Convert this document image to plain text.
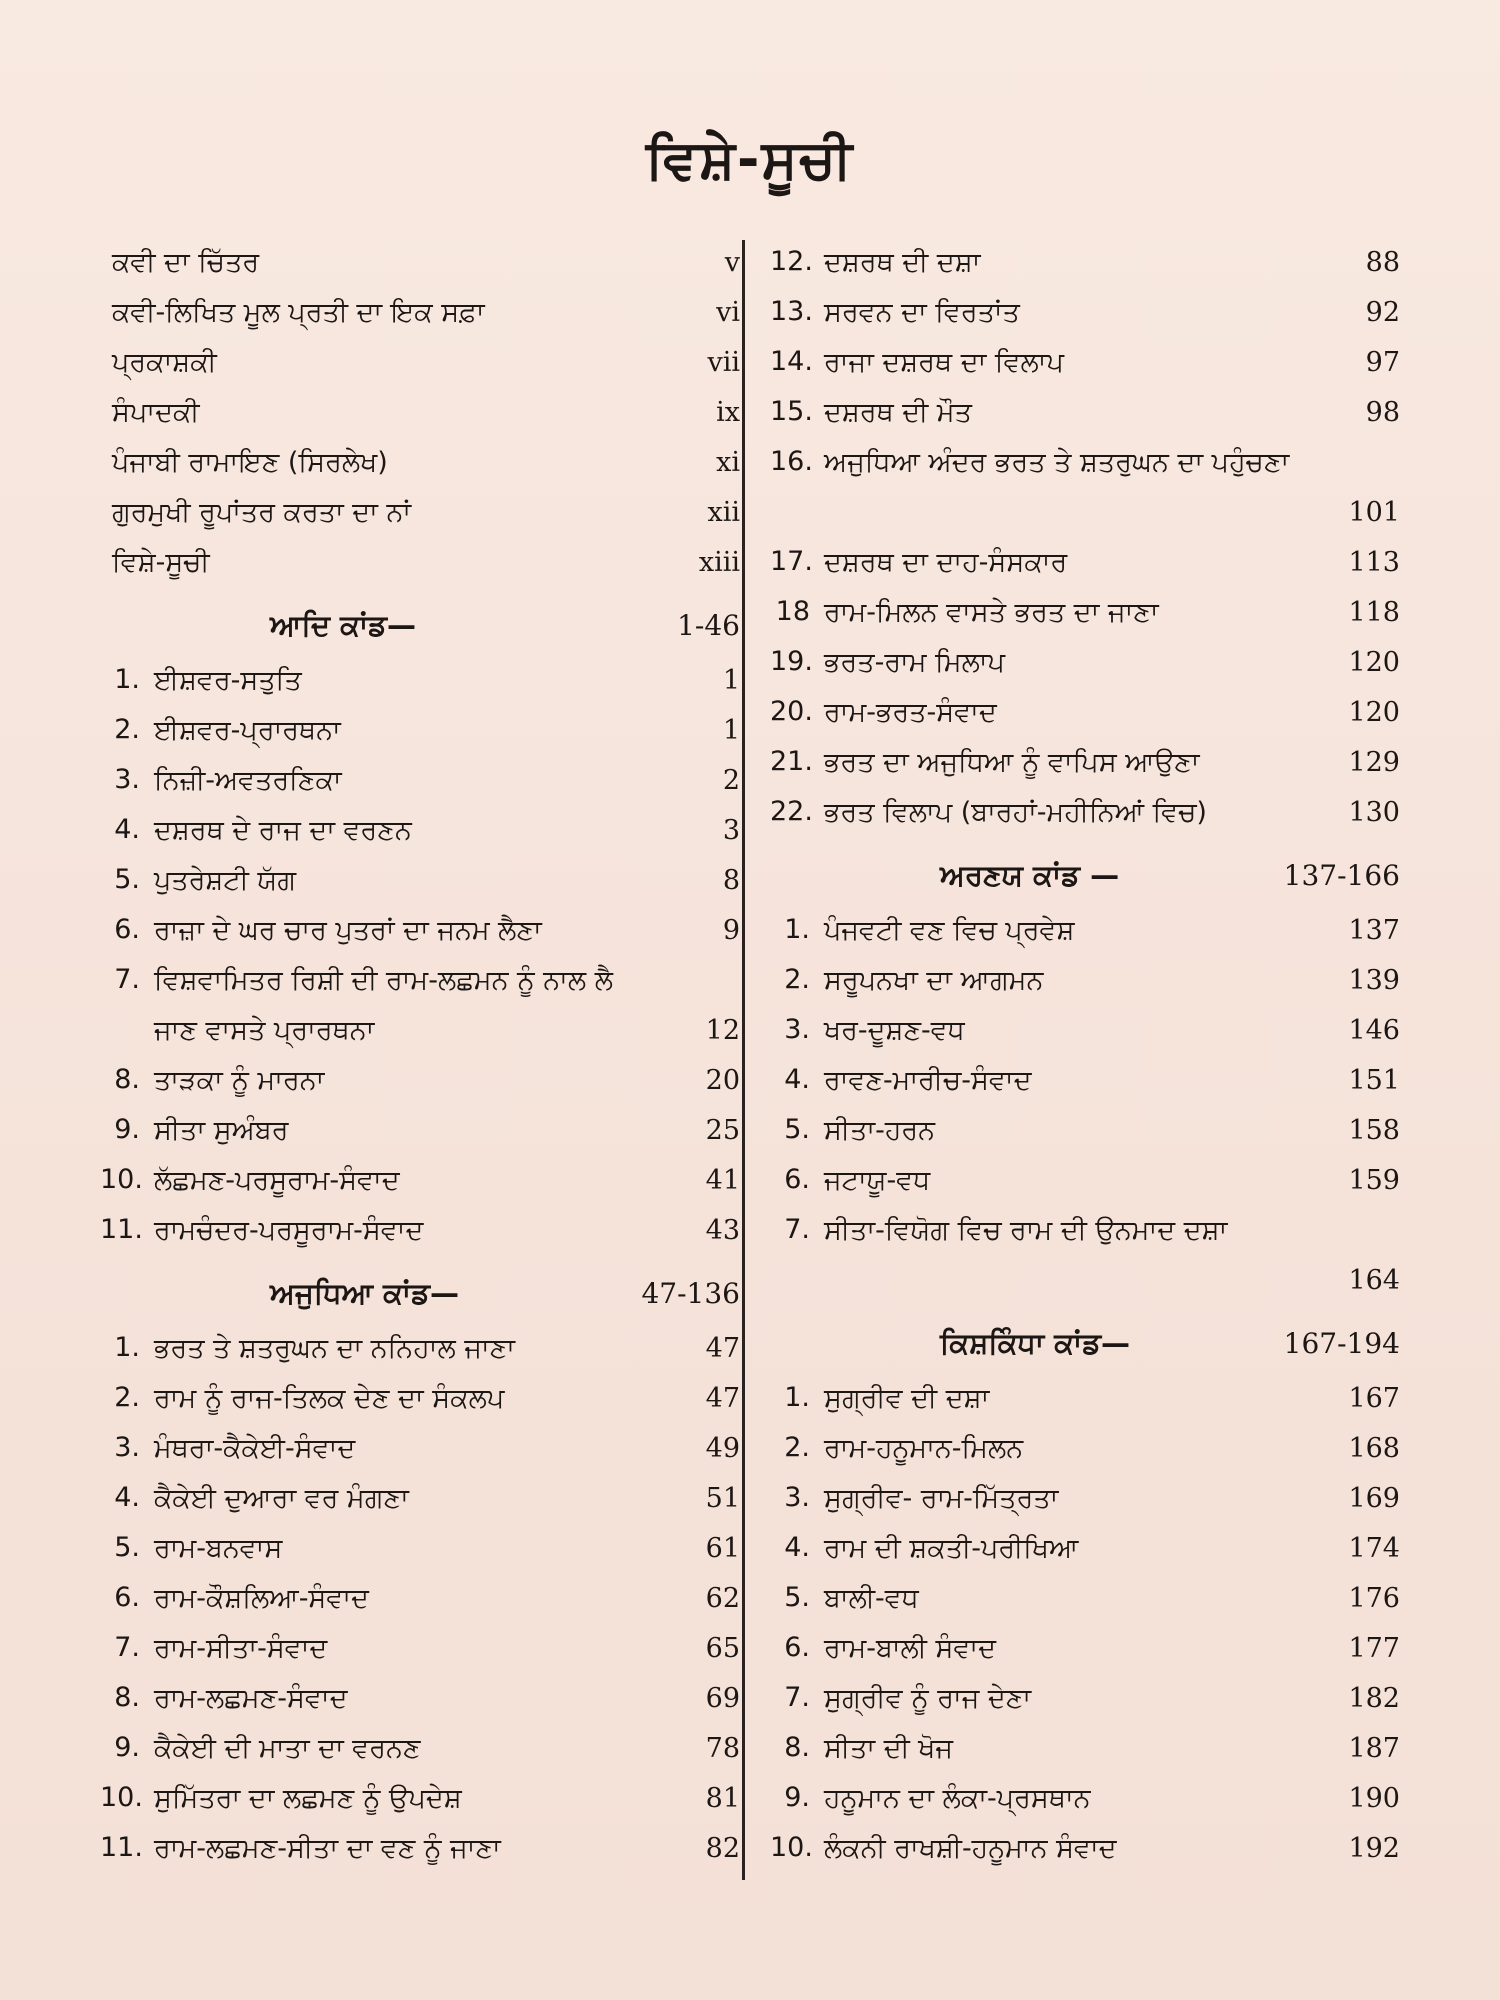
ਵਿਸ਼ੇ-ਸੂਚੀ
ਕਵੀ ਦਾ ਚਿੱਤਰ	v
ਕਵੀ-ਲਿਖਿਤ ਮੂਲ ਪ੍ਰਤੀ ਦਾ ਇਕ ਸਫ਼ਾ	vi
ਪ੍ਰਕਾਸ਼ਕੀ	vii
ਸੰਪਾਦਕੀ	ix
ਪੰਜਾਬੀ ਰਾਮਾਇਣ (ਸਿਰਲੇਖ)	xi
ਗੁਰਮੁਖੀ ਰੂਪਾਂਤਰ ਕਰਤਾ ਦਾ ਨਾਂ	xii
ਵਿਸ਼ੇ-ਸੂਚੀ	xiii
ਆਦਿ ਕਾਂਡ—	1-46
1. ਈਸ਼ਵਰ-ਸਤੁਤਿ	1
2. ਈਸ਼ਵਰ-ਪ੍ਰਾਰਥਨਾ	1
3. ਨਿਜ਼ੀ-ਅਵਤਰਣਿਕਾ	2
4. ਦਸ਼ਰਥ ਦੇ ਰਾਜ ਦਾ ਵਰਣਨ	3
5. ਪੁਤਰੇਸ਼ਟੀ ਯੱਗ	8
6. ਰਾਜ਼ਾ ਦੇ ਘਰ ਚਾਰ ਪੁਤਰਾਂ ਦਾ ਜਨਮ ਲੈਣਾ	9
7. ਵਿਸ਼ਵਾਮਿਤਰ ਰਿਸ਼ੀ ਦੀ ਰਾਮ-ਲਛਮਨ ਨੂੰ ਨਾਲ ਲੈ ਜਾਣ ਵਾਸਤੇ ਪ੍ਰਾਰਥਨਾ	12
8. ਤਾੜਕਾ ਨੂੰ ਮਾਰਨਾ	20
9. ਸੀਤਾ ਸੁਅੰਬਰ	25
10. ਲੱਛਮਣ-ਪਰਸੂਰਾਮ-ਸੰਵਾਦ	41
11. ਰਾਮਚੰਦਰ-ਪਰਸੂਰਾਮ-ਸੰਵਾਦ	43
ਅਜੁਧਿਆ ਕਾਂਡ—	47-136
1. ਭਰਤ ਤੇ ਸ਼ਤਰੁਘਨ ਦਾ ਨਨਿਹਾਲ ਜਾਣਾ	47
2. ਰਾਮ ਨੂੰ ਰਾਜ-ਤਿਲਕ ਦੇਣ ਦਾ ਸੰਕਲਪ	47
3. ਮੰਥਰਾ-ਕੈਕੇਈ-ਸੰਵਾਦ	49
4. ਕੈਕੇਈ ਦੁਆਰਾ ਵਰ ਮੰਗਣਾ	51
5. ਰਾਮ-ਬਨਵਾਸ	61
6. ਰਾਮ-ਕੌਸ਼ਲਿਆ-ਸੰਵਾਦ	62
7. ਰਾਮ-ਸੀਤਾ-ਸੰਵਾਦ	65
8. ਰਾਮ-ਲਛਮਣ-ਸੰਵਾਦ	69
9. ਕੈਕੇਈ ਦੀ ਮਾਤਾ ਦਾ ਵਰਨਣ	78
10. ਸੁਮਿੱਤਰਾ ਦਾ ਲਛਮਣ ਨੂੰ ਉਪਦੇਸ਼	81
11. ਰਾਮ-ਲਛਮਣ-ਸੀਤਾ ਦਾ ਵਣ ਨੂੰ ਜਾਣਾ	82
12. ਦਸ਼ਰਥ ਦੀ ਦਸ਼ਾ	88
13. ਸਰਵਨ ਦਾ ਵਿਰਤਾਂਤ	92
14. ਰਾਜਾ ਦਸ਼ਰਥ ਦਾ ਵਿਲਾਪ	97
15. ਦਸ਼ਰਥ ਦੀ ਮੌਤ	98
16. ਅਜੁਧਿਆ ਅੰਦਰ ਭਰਤ ਤੇ ਸ਼ਤਰੁਘਨ ਦਾ ਪਹੁੰਚਣਾ
101
17. ਦਸ਼ਰਥ ਦਾ ਦਾਹ-ਸੰਸਕਾਰ	113
18 ਰਾਮ-ਮਿਲਨ ਵਾਸਤੇ ਭਰਤ ਦਾ ਜਾਣਾ	118
19. ਭਰਤ-ਰਾਮ ਮਿਲਾਪ	120
20. ਰਾਮ-ਭਰਤ-ਸੰਵਾਦ	120
21. ਭਰਤ ਦਾ ਅਜੁਧਿਆ ਨੂੰ ਵਾਪਿਸ ਆਉਣਾ	129
22. ਭਰਤ ਵਿਲਾਪ (ਬਾਰਹਾਂ-ਮਹੀਨਿਆਂ ਵਿਚ)	130
ਅਰਣਯ ਕਾਂਡ —	137-166
1. ਪੰਜਵਟੀ ਵਣ ਵਿਚ ਪ੍ਰਵੇਸ਼	137
2. ਸਰੂਪਨਖਾ ਦਾ ਆਗਮਨ	139
3. ਖਰ-ਦੂਸ਼ਣ-ਵਧ	146
4. ਰਾਵਣ-ਮਾਰੀਚ-ਸੰਵਾਦ	151
5. ਸੀਤਾ-ਹਰਨ	158
6. ਜਟਾਯੂ-ਵਧ	159
7. ਸੀਤਾ-ਵਿਯੋਗ ਵਿਚ ਰਾਮ ਦੀ ਉਨਮਾਦ ਦਸ਼ਾ
164
ਕਿਸ਼ਕਿੰਧਾ ਕਾਂਡ—	167-194
1. ਸੁਗ੍ਰੀਵ ਦੀ ਦਸ਼ਾ	167
2. ਰਾਮ-ਹਨੂਮਾਨ-ਮਿਲਨ	168
3. ਸੁਗ੍ਰੀਵ- ਰਾਮ-ਮਿੱਤ੍ਰਤਾ	169
4. ਰਾਮ ਦੀ ਸ਼ਕਤੀ-ਪਰੀਖਿਆ	174
5. ਬਾਲੀ-ਵਧ	176
6. ਰਾਮ-ਬਾਲੀ ਸੰਵਾਦ	177
7. ਸੁਗ੍ਰੀਵ ਨੂੰ ਰਾਜ ਦੇਣਾ	182
8. ਸੀਤਾ ਦੀ ਖੋਜ	187
9. ਹਨੂਮਾਨ ਦਾ ਲੰਕਾ-ਪ੍ਰਸਥਾਨ	190
10. ਲੰਕਨੀ ਰਾਖਸ਼ੀ-ਹਨੂਮਾਨ ਸੰਵਾਦ	192
